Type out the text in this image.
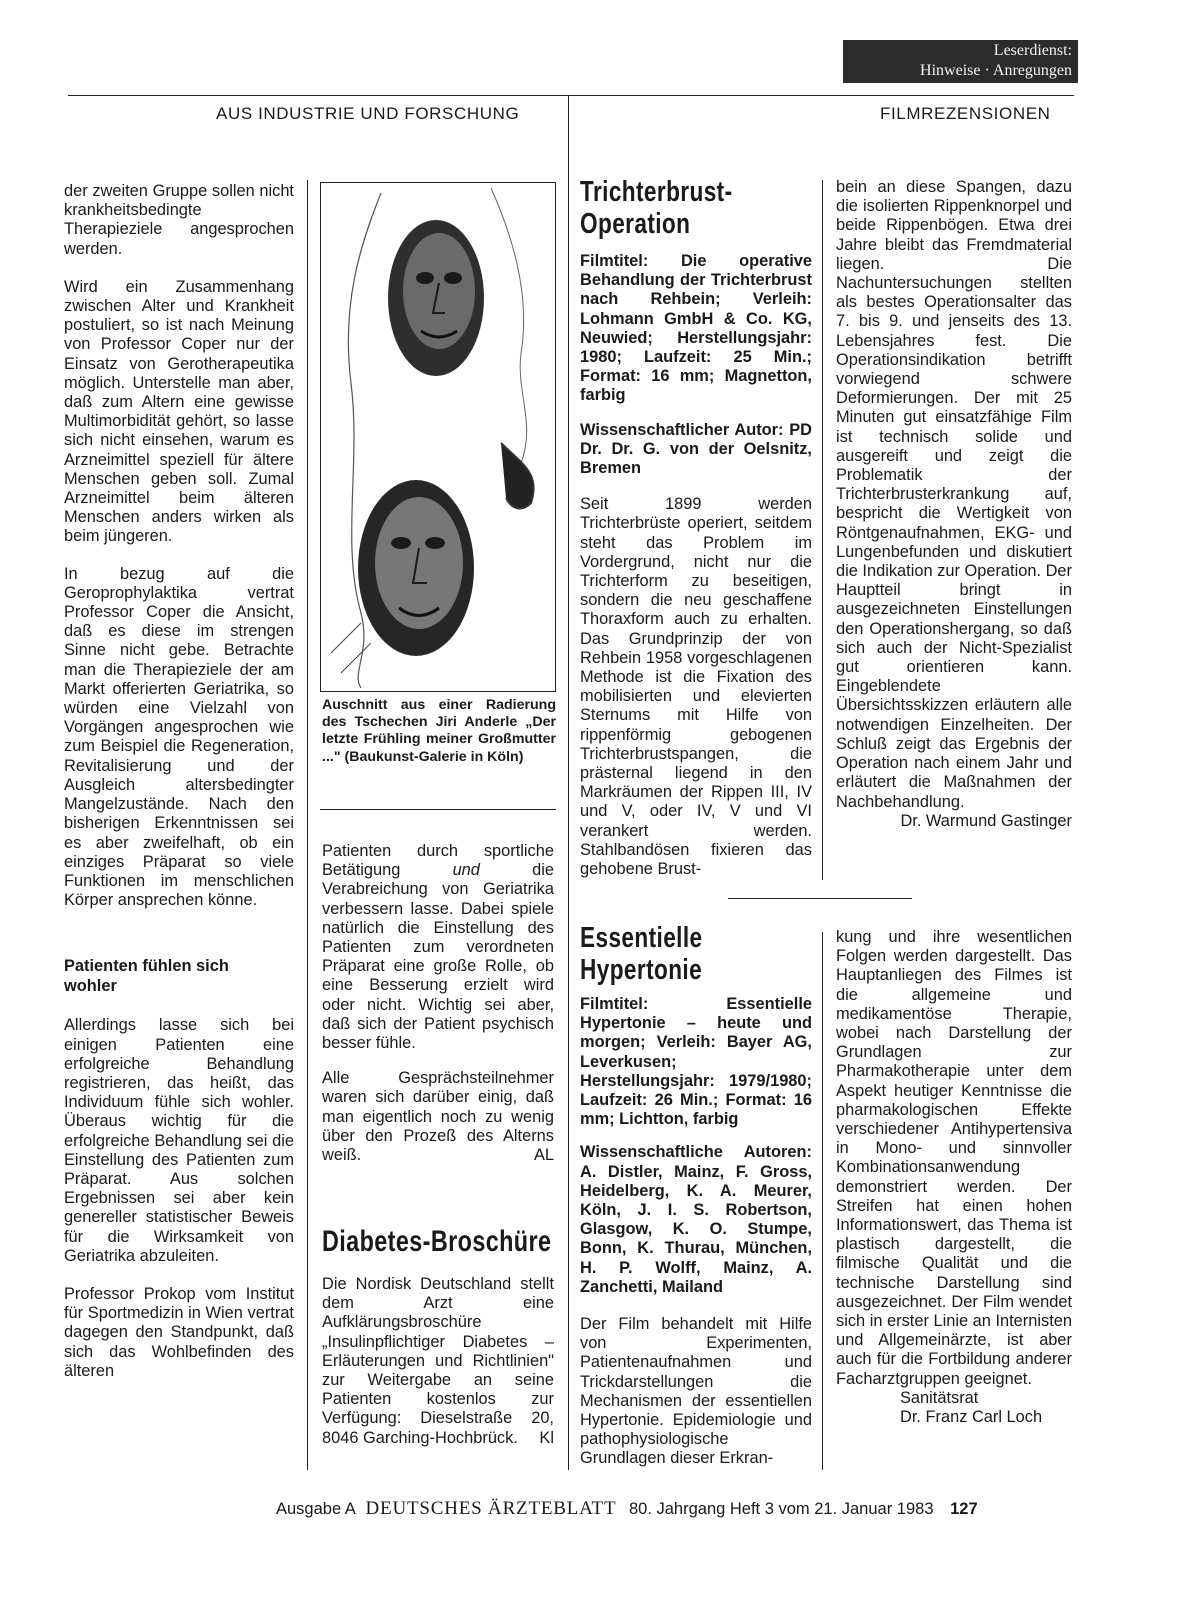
Leserdienst:
Hinweise · Anregungen
AUS INDUSTRIE UND FORSCHUNG	FILMREZENSIONEN

der zweiten Gruppe sollen nicht krankheitsbedingte Therapieziele angesprochen werden.

Wird ein Zusammenhang zwischen Alter und Krankheit postuliert, so ist nach Meinung von Professor Coper nur der Einsatz von Gerotherapeutika möglich. Unterstelle man aber, daß zum Altern eine gewisse Multimorbidität gehört, so lasse sich nicht einsehen, warum es Arzneimittel speziell für ältere Menschen geben soll. Zumal Arzneimittel beim älteren Menschen anders wirken als beim jüngeren.

In bezug auf die Geroprophylaktika vertrat Professor Coper die Ansicht, daß es diese im strengen Sinne nicht gebe. Betrachte man die Therapieziele der am Markt offerierten Geriatrika, so würden eine Vielzahl von Vorgängen angesprochen wie zum Beispiel die Regeneration, Revitalisierung und der Ausgleich altersbedingter Mangelzustände. Nach den bisherigen Erkenntnissen sei es aber zweifelhaft, ob ein einziges Präparat so viele Funktionen im menschlichen Körper ansprechen könne.

Patienten fühlen sich wohler

Allerdings lasse sich bei einigen Patienten eine erfolgreiche Behandlung registrieren, das heißt, das Individuum fühle sich wohler. Überaus wichtig für die erfolgreiche Behandlung sei die Einstellung des Patienten zum Präparat. Aus solchen Ergebnissen sei aber kein genereller statistischer Beweis für die Wirksamkeit von Geriatrika abzuleiten.

Professor Prokop vom Institut für Sportmedizin in Wien vertrat dagegen den Standpunkt, daß sich das Wohlbefinden des älteren

Auschnitt aus einer Radierung des Tschechen Jiri Anderle „Der letzte Frühling meiner Großmutter ..." (Baukunst-Galerie in Köln)

Patienten durch sportliche Betätigung und die Verabreichung von Geriatrika verbessern lasse. Dabei spiele natürlich die Einstellung des Patienten zum verordneten Präparat eine große Rolle, ob eine Besserung erzielt wird oder nicht. Wichtig sei aber, daß sich der Patient psychisch besser fühle.

Alle Gesprächsteilnehmer waren sich darüber einig, daß man eigentlich noch zu wenig über den Prozeß des Alterns weiß.	AL

Diabetes-Broschüre

Die Nordisk Deutschland stellt dem Arzt eine Aufklärungsbroschüre „Insulinpflichtiger Diabetes – Erläuterungen und Richtlinien" zur Weitergabe an seine Patienten kostenlos zur Verfügung: Dieselstraße 20, 8046 Garching-Hochbrück. Kl

Trichterbrust-
Operation

Filmtitel: Die operative Behandlung der Trichterbrust nach Rehbein; Verleih: Lohmann GmbH & Co. KG, Neuwied; Herstellungsjahr: 1980; Laufzeit: 25 Min.; Format: 16 mm; Magnetton, farbig

Wissenschaftlicher Autor: PD Dr. Dr. G. von der Oelsnitz, Bremen

Seit 1899 werden Trichterbrüste operiert, seitdem steht das Problem im Vordergrund, nicht nur die Trichterform zu beseitigen, sondern die neu geschaffene Thoraxform auch zu erhalten. Das Grundprinzip der von Rehbein 1958 vorgeschlagenen Methode ist die Fixation des mobilisierten und elevierten Sternums mit Hilfe von rippenförmig gebogenen Trichterbrustspangen, die prästernal liegend in den Markräumen der Rippen III, IV und V, oder IV, V und VI verankert werden. Stahlbandösen fixieren das gehobene Brust-

Essentielle
Hypertonie

Filmtitel: Essentielle Hypertonie – heute und morgen; Verleih: Bayer AG, Leverkusen; Herstellungsjahr: 1979/1980; Laufzeit: 26 Min.; Format: 16 mm; Lichtton, farbig

Wissenschaftliche Autoren: A. Distler, Mainz, F. Gross, Heidelberg, K. A. Meurer, Köln, J. I. S. Robertson, Glasgow, K. O. Stumpe, Bonn, K. Thurau, München, H. P. Wolff, Mainz, A. Zanchetti, Mailand

Der Film behandelt mit Hilfe von Experimenten, Patientenaufnahmen und Trickdarstellungen die Mechanismen der essentiellen Hypertonie. Epidemiologie und pathophysiologische Grundlagen dieser Erkran-

bein an diese Spangen, dazu die isolierten Rippenknorpel und beide Rippenbögen. Etwa drei Jahre bleibt das Fremdmaterial liegen. Die Nachuntersuchungen stellten als bestes Operationsalter das 7. bis 9. und jenseits des 13. Lebensjahres fest. Die Operationsindikation betrifft vorwiegend schwere Deformierungen. Der mit 25 Minuten gut einsatzfähige Film ist technisch solide und ausgereift und zeigt die Problematik der Trichterbrusterkrankung auf, bespricht die Wertigkeit von Röntgenaufnahmen, EKG- und Lungenbefunden und diskutiert die Indikation zur Operation. Der Hauptteil bringt in ausgezeichneten Einstellungen den Operationshergang, so daß sich auch der Nicht-Spezialist gut orientieren kann. Eingeblendete Übersichtsskizzen erläutern alle notwendigen Einzelheiten. Der Schluß zeigt das Ergebnis der Operation nach einem Jahr und erläutert die Maßnahmen der Nachbehandlung.

Dr. Warmund Gastinger

kung und ihre wesentlichen Folgen werden dargestellt. Das Hauptanliegen des Filmes ist die allgemeine und medikamentöse Therapie, wobei nach Darstellung der Grundlagen zur Pharmakotherapie unter dem Aspekt heutiger Kenntnisse die pharmakologischen Effekte verschiedener Antihypertensiva in Mono- und sinnvoller Kombinationsanwendung demonstriert werden. Der Streifen hat einen hohen Informationswert, das Thema ist plastisch dargestellt, die filmische Qualität und die technische Darstellung sind ausgezeichnet. Der Film wendet sich in erster Linie an Internisten und Allgemeinärzte, ist aber auch für die Fortbildung anderer Facharztgruppen geeignet.

Sanitätsrat
Dr. Franz Carl Loch
Ausgabe A DEUTSCHES ÄRZTEBLATT 80. Jahrgang Heft 3 vom 21. Januar 1983 127
